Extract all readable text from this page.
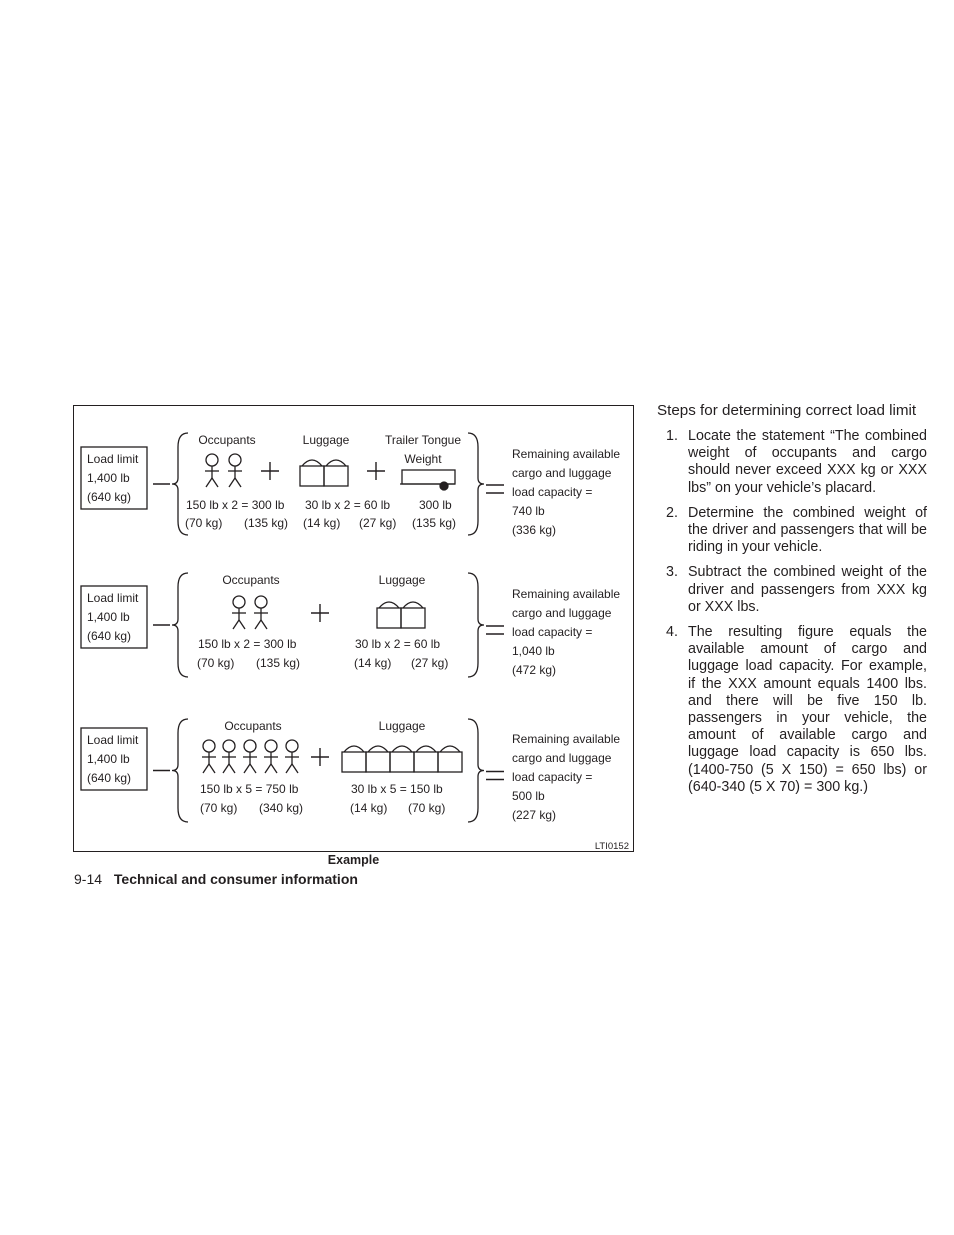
Load limit
1,400 lb
(640 kg)
Occupants	Luggage	Trailer Tongue
Weight
150 lb x 2 = 300 lb 30 lb x 2 = 60 lb 300 lb
(70 kg) (135 kg) (14 kg) (27 kg) (135 kg)
Remaining available
cargo and luggage
load capacity =
740 lb
(336 kg)
Load limit
1,400 lb
(640 kg)
Occupants	Luggage
150 lb x 2 = 300 lb	30 lb x 2 = 60 lb
(70 kg) (135 kg)	(14 kg) (27 kg)
Remaining available
cargo and luggage
load capacity =
1,040 lb
(472 kg)
Load limit
1,400 lb
(640 kg)
Occupants	Luggage
150 lb x 5 = 750 lb	30 lb x 5 = 150 lb
(70 kg) (340 kg)	(14 kg) (70 kg)
Remaining available
cargo and luggage
load capacity =
500 lb
(227 kg)
LTI0152
Example
9-14 Technical and consumer information
Steps for determining correct load limit
1. Locate the statement “The combined weight of occupants and cargo should never exceed XXX kg or XXX lbs” on your vehicle’s placard.
2. Determine the combined weight of the driver and passengers that will be riding in your vehicle.
3. Subtract the combined weight of the driver and passengers from XXX kg or XXX lbs.
4. The resulting figure equals the available amount of cargo and luggage load capacity. For example, if the XXX amount equals 1400 lbs. and there will be five 150 lb. passengers in your vehicle, the amount of available cargo and luggage load capacity is 650 lbs. (1400-750 (5 X 150) = 650 lbs) or (640-340 (5 X 70) = 300 kg.)
